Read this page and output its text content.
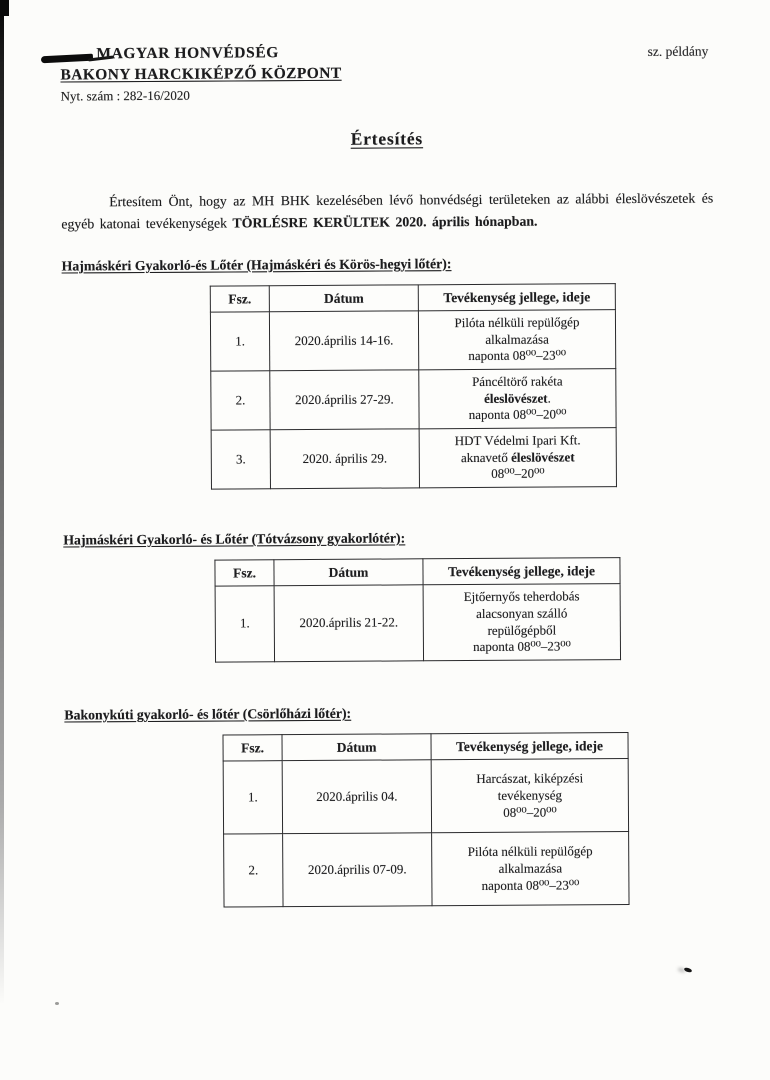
sz. példány
MAGYAR HONVÉDSÉG
BAKONY HARCKIKÉPZŐ KÖZPONT
Nyt. szám : 282-16/2020
Értesítés

Értesítem Önt, hogy az MH BHK kezelésében lévő honvédségi területeken az alábbi éleslövészetek és egyéb katonai tevékenységek TÖRLÉSRE KERÜLTEK 2020. április hónapban.

Hajmáskéri Gyakorló-és Lőtér (Hajmáskéri és Körös-hegyi lőtér):
Fsz.	Dátum	Tevékenység jellege, ideje
1.	2020.április 14-16.	Pilóta nélküli repülőgép
alkalmazása
naponta 08⁰⁰–23⁰⁰

2.	2020.április 27-29.	Páncéltörő rakéta
éleslövészet.
naponta 08⁰⁰–20⁰⁰

3.	2020. április 29.	HDT Védelmi Ipari Kft.
aknavető éleslövészet
08⁰⁰–20⁰⁰
Hajmáskéri Gyakorló- és Lőtér (Tótvázsony gyakorlótér):
Fsz.	Dátum	Tevékenység jellege, ideje
1.	2020.április 21-22.	Ejtőernyős teherdobás
alacsonyan szálló
repülőgépből
naponta 08⁰⁰–23⁰⁰
Bakonykúti gyakorló- és lőtér (Csörlőházi lőtér):
Fsz.	Dátum	Tevékenység jellege, ideje
1.	2020.április 04.	Harcászat, kiképzési
tevékenység
08⁰⁰–20⁰⁰

2.	2020.április 07-09.	Pilóta nélküli repülőgép
alkalmazása
naponta 08⁰⁰–23⁰⁰
